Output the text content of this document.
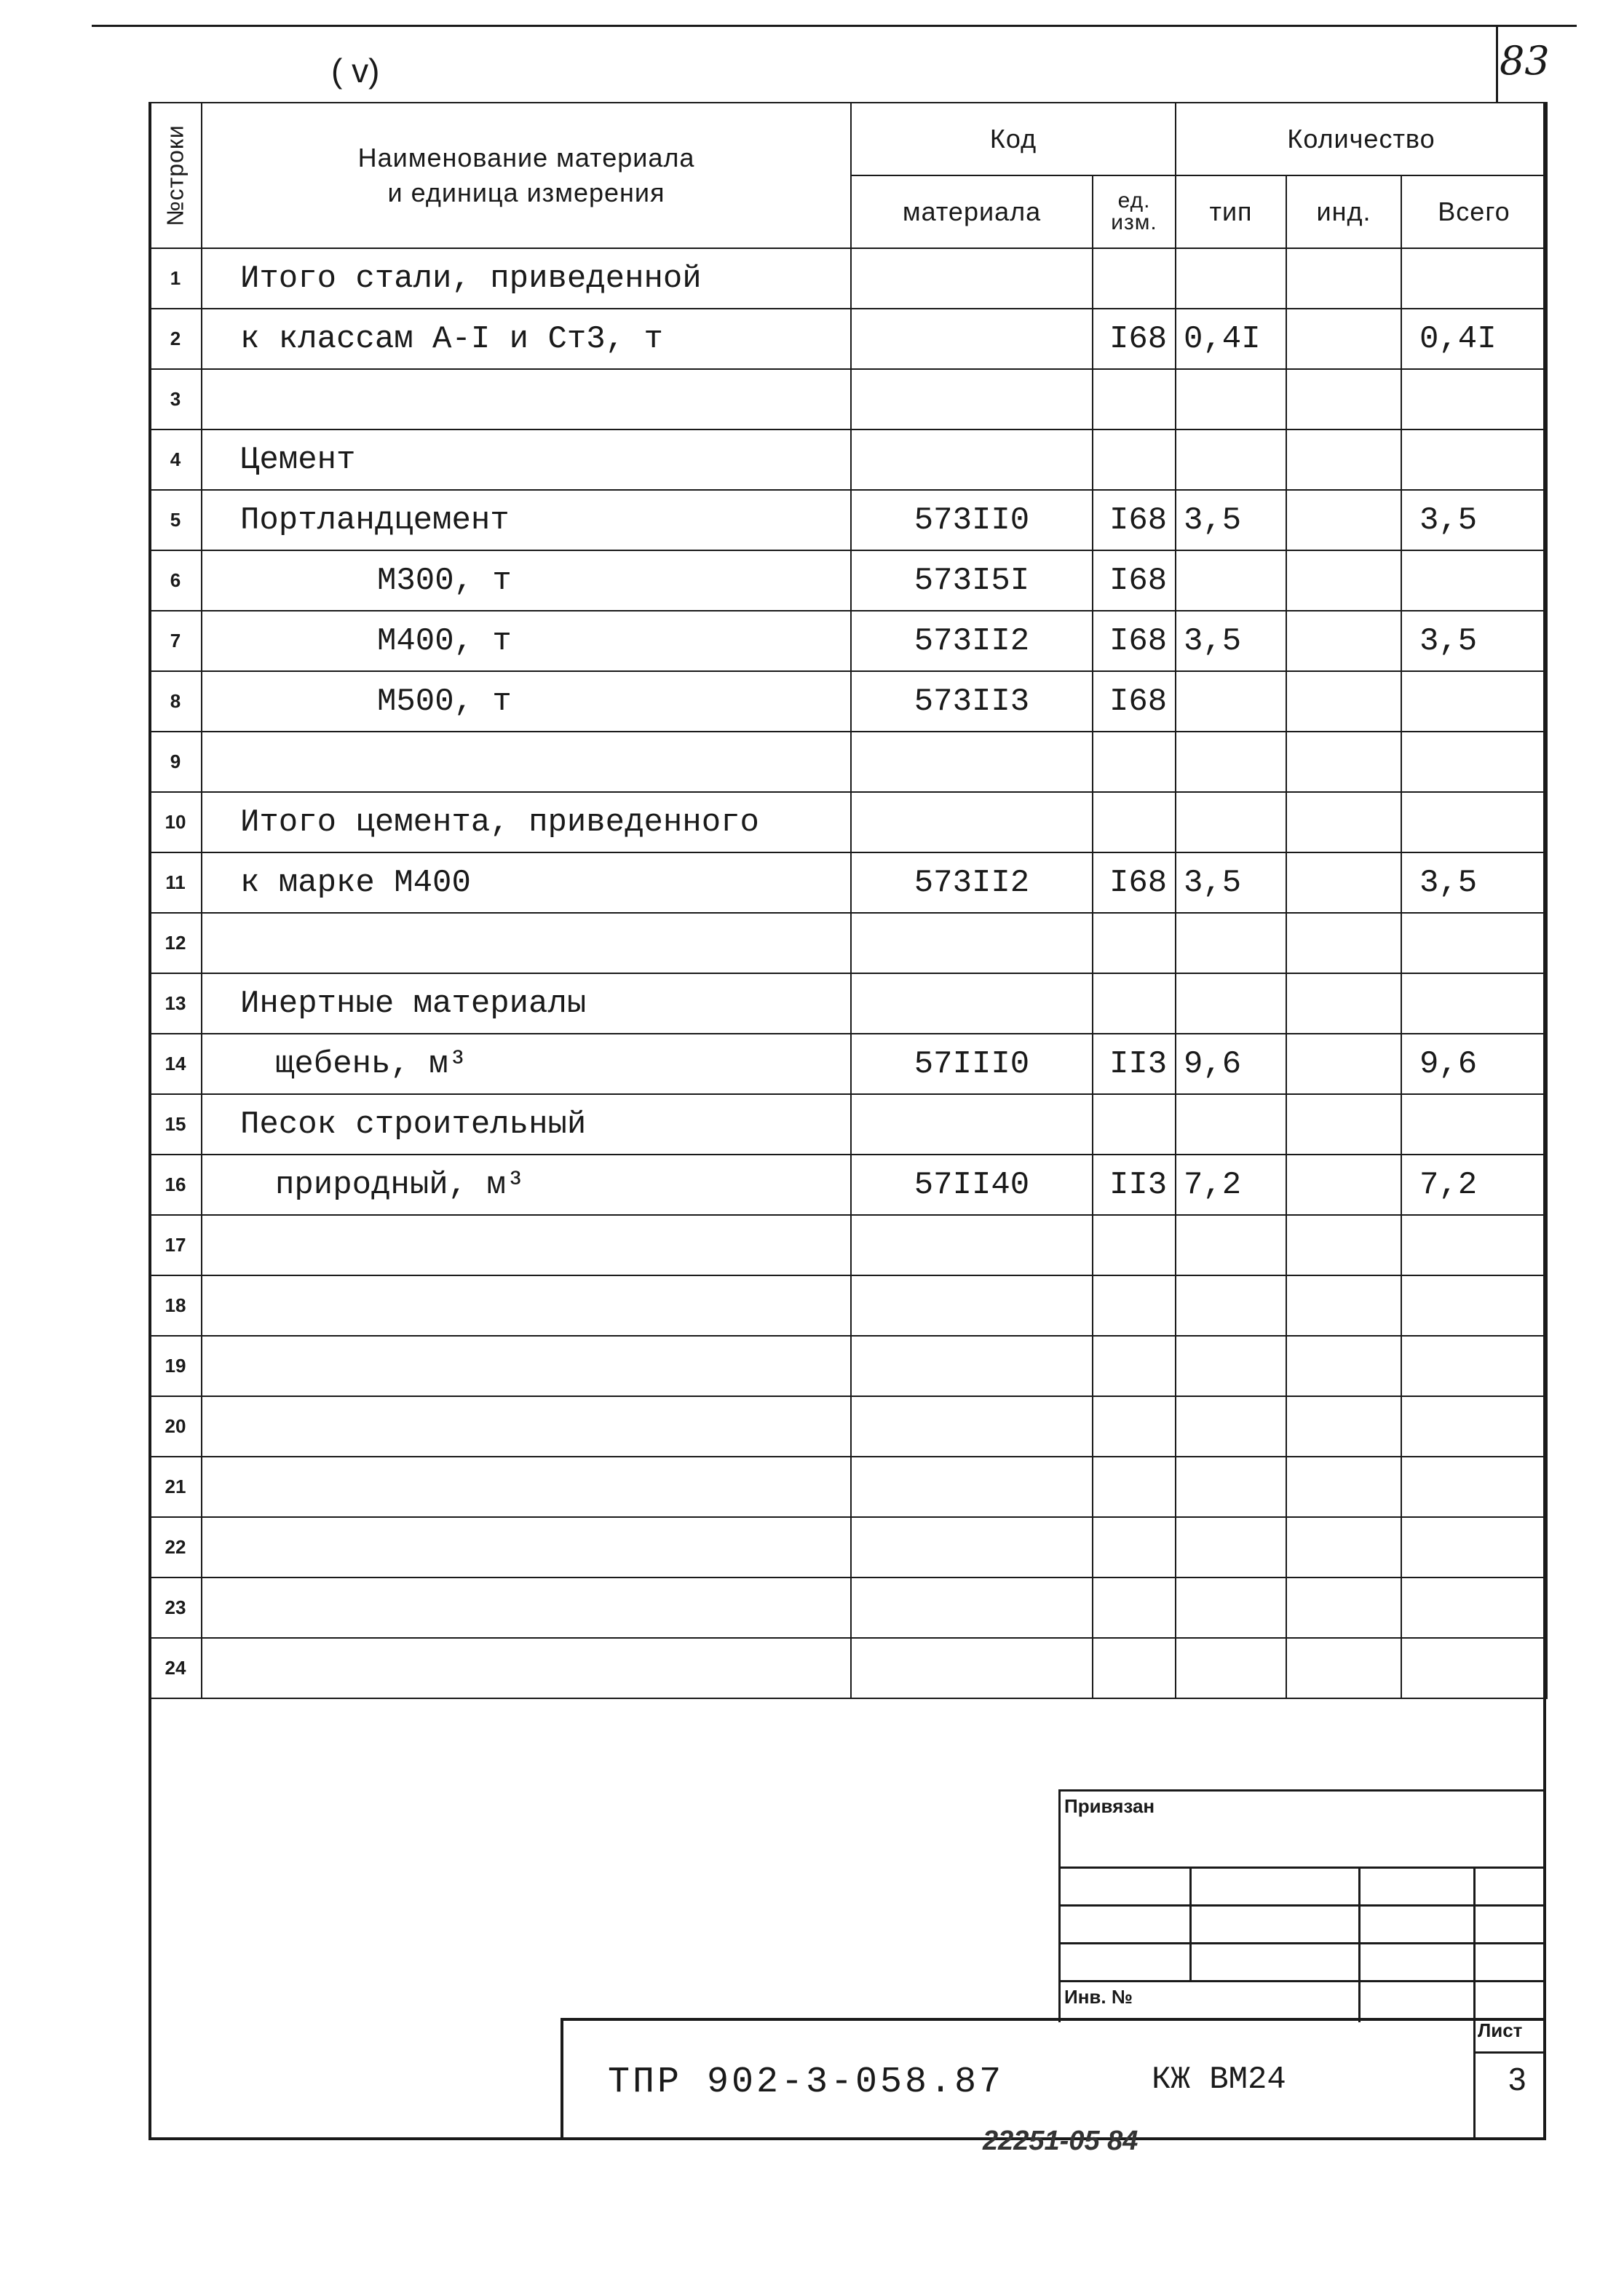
83
( v)
№строки	Наименование материала
и единица измерения	Код		Количество		
		материала	ед.
изм.	тип	инд.	Всего
1	Итого стали, приведенной					
2	к классам А-I и Ст3, т		I68	0,4I		0,4I
3						
4	Цемент					
5	Портландцемент	573II0	I68	3,5		3,5
6	М300, т	573I5I	I68			
7	М400, т	573II2	I68	3,5		3,5
8	М500, т	573II3	I68			
9						
10	Итого цемента, приведенного					
11	к марке М400	573II2	I68	3,5		3,5
12						
13	Инертные материалы					
14	щебень, м³	57III0	II3	9,6		9,6
15	Песок строительный					
16	природный, м³	57II40	II3	7,2		7,2
17						
18						
19						
20						
21						
22						
23						
24						
Привязан
Инв. №
ТПР 902-3-058.87	КЖ ВМ24
Лист
3
22251-05 84
